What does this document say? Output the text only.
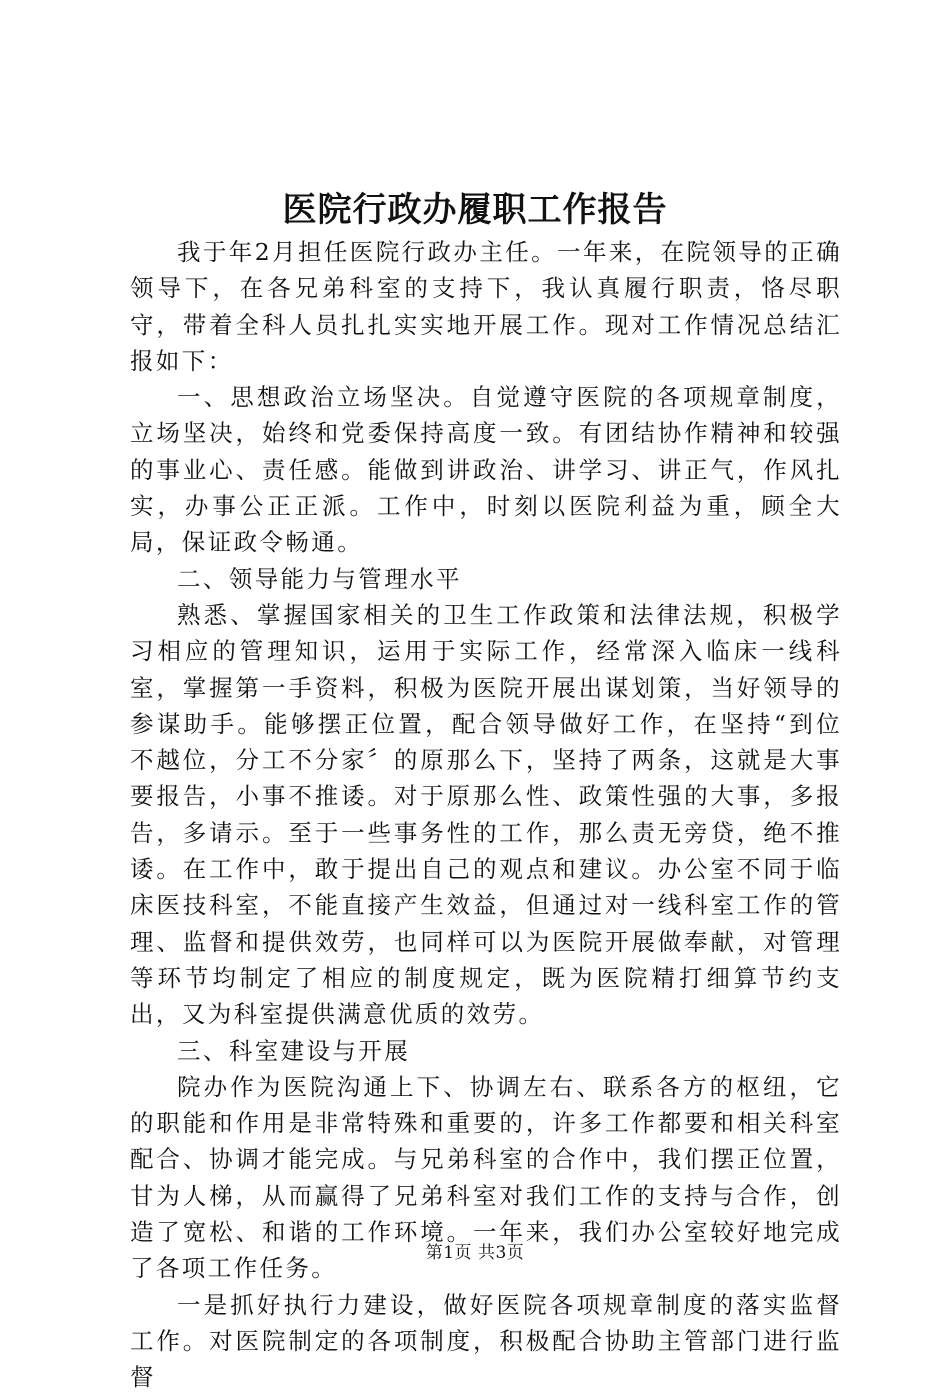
医院行政办履职工作报告

我于年2月担任医院行政办主任。一年来，在院领导的正确领导下，在各兄弟科室的支持下，我认真履行职责，恪尽职守，带着全科人员扎扎实实地开展工作。现对工作情况总结汇报如下：

一、思想政治立场坚决。自觉遵守医院的各项规章制度，立场坚决，始终和党委保持高度一致。有团结协作精神和较强的事业心、责任感。能做到讲政治、讲学习、讲正气，作风扎实，办事公正正派。工作中，时刻以医院利益为重，顾全大局，保证政令畅通。

二、领导能力与管理水平

熟悉、掌握国家相关的卫生工作政策和法律法规，积极学习相应的管理知识，运用于实际工作，经常深入临床一线科室，掌握第一手资料，积极为医院开展出谋划策，当好领导的参谋助手。能够摆正位置，配合领导做好工作，在坚持“到位不越位，分工不分家〞的原那么下，坚持了两条，这就是大事要报告，小事不推诿。对于原那么性、政策性强的大事，多报告，多请示。至于一些事务性的工作，那么责无旁贷，绝不推诿。在工作中，敢于提出自己的观点和建议。办公室不同于临床医技科室，不能直接产生效益，但通过对一线科室工作的管理、监督和提供效劳，也同样可以为医院开展做奉献，对管理等环节均制定了相应的制度规定，既为医院精打细算节约支出，又为科室提供满意优质的效劳。

三、科室建设与开展

院办作为医院沟通上下、协调左右、联系各方的枢纽，它的职能和作用是非常特殊和重要的，许多工作都要和相关科室配合、协调才能完成。与兄弟科室的合作中，我们摆正位置，甘为人梯，从而赢得了兄弟科室对我们工作的支持与合作，创造了宽松、和谐的工作环境。一年来，我们办公室较好地完成了各项工作任务。

一是抓好执行力建设，做好医院各项规章制度的落实监督工作。对医院制定的各项制度，积极配合协助主管部门进行监督

第1页 共3页
